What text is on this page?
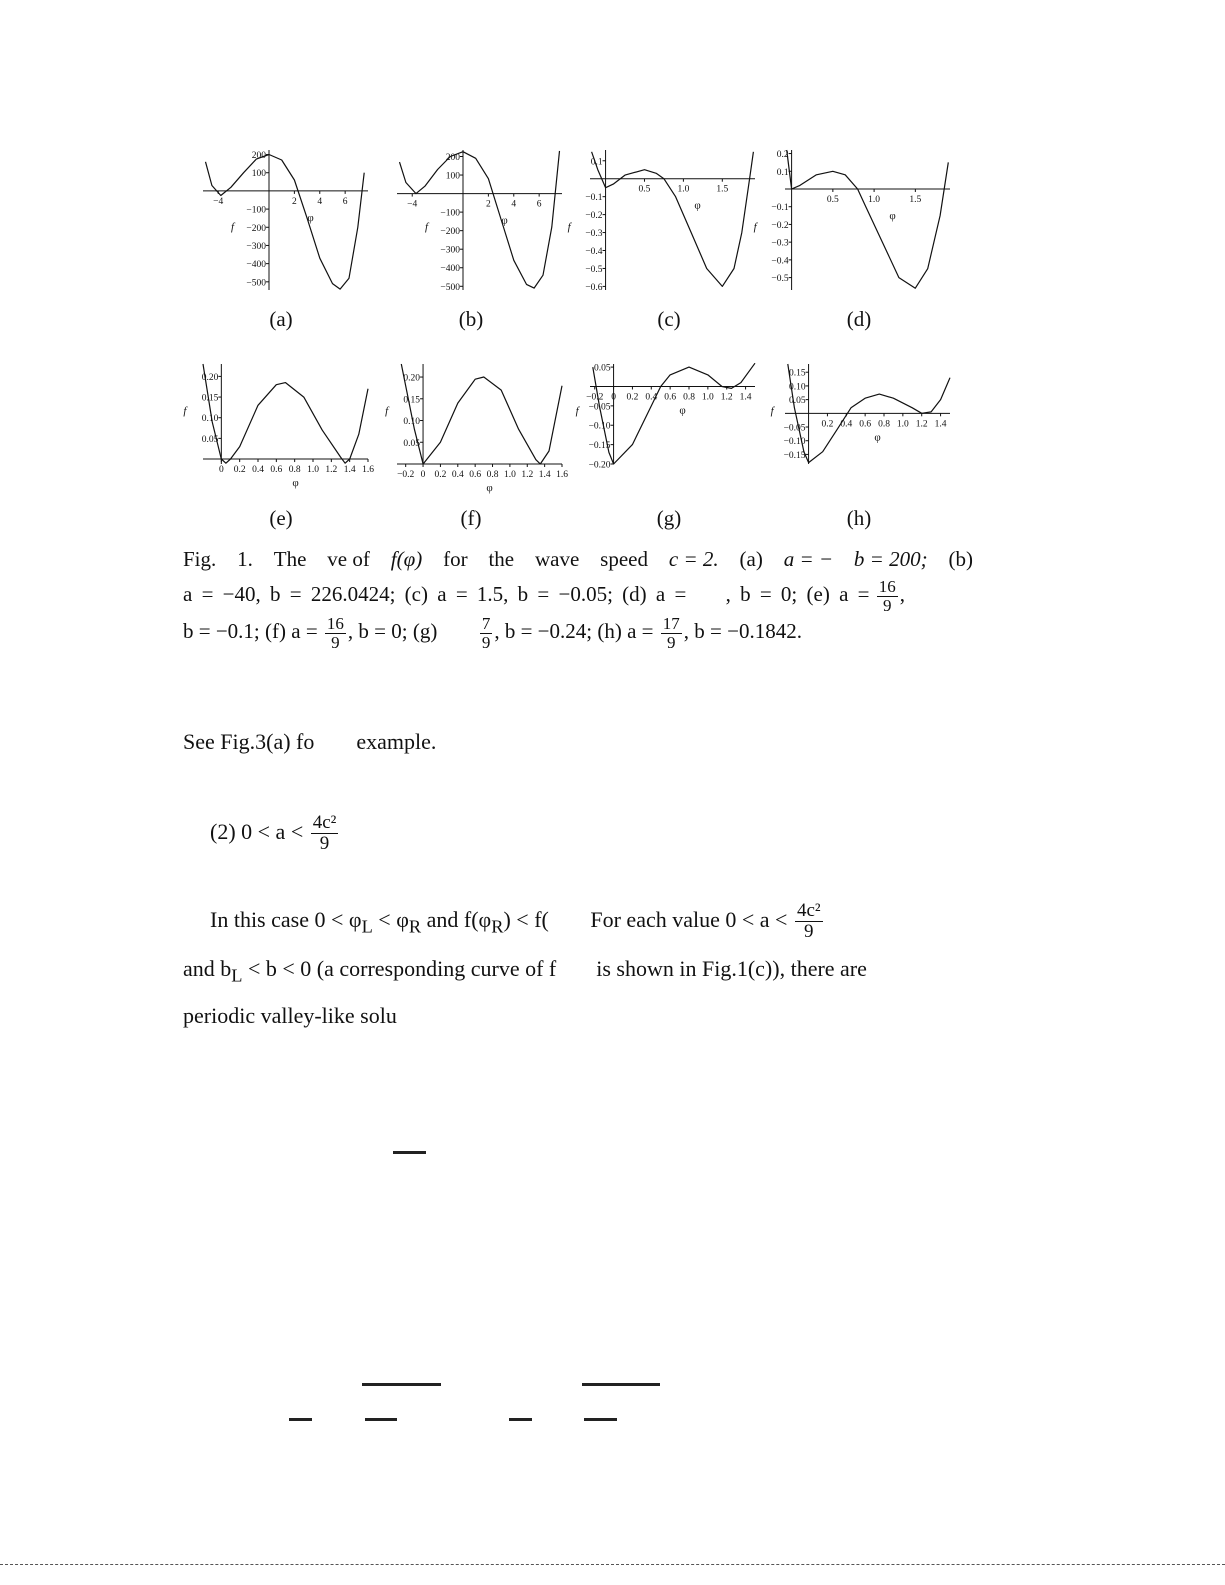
−4	2 4 6
200
100
−100
−200
−300
−400
−500
φ
f
−4	2 4 6
200
100
−100
−200
−300
−400
−500
φ
f
0.5	1.0	1.5
0.1
−0.1
−0.2
−0.3
−0.4
−0.5
−0.6
φ
f
0.5	1.0	1.5
0.2
0.1
−0.1
−0.2
−0.3
−0.4
−0.5
φ
f
0 0.2 0.4 0.6 0.8 1.0 1.2 1.4 1.6
0.05
0.10
0.15
0.20
φ
f
−0.2 0 0.2 0.4 0.6 0.8 1.0 1.2 1.4 1.6
0.05
0.10
0.15
0.20
φ
f
−0.2 0 0.2 0.4 0.6 0.8 1.0 1.2 1.4
0.05
−0.05
−0.10
−0.15
−0.20
φ
f
0.2 0.4 0.6 0.8 1.0 1.2 1.4
0.15
0.10
0.05
−0.05
−0.10
−0.15
φ
f
(a)	(b)	(c)	(d)
(e)	(f)	(g)	(h)
Fig. 1. The ve of f(φ) for the wave speed c = 2. (a) a = − b = 200; (b)
a = −40, b = 226.0424; (c) a = 1.5, b = −0.05; (d) a = , b = 0; (e) $a = \frac{16}{9}$ ,
b = −0.1; (f) $a = \frac{16}{9}$ , b = 0; (g)	$\frac{7}{9}$ , b = −0.24; (h) $a = \frac{17}{9}$ , b = −0.1842.
See Fig.3(a) fo example.
(2) $0 < a < \frac{\text{4c²}}{9}$
In this case $0 < \varphi_L < \varphi_R$ and $f(\varphi_R) < f$( For each value $0 < a < \frac{\text{4c²}}{9}$
and $b_L < b < 0$ (a corresponding curve of f is shown in Fig.1(c)), there are
periodic valley-like solu
